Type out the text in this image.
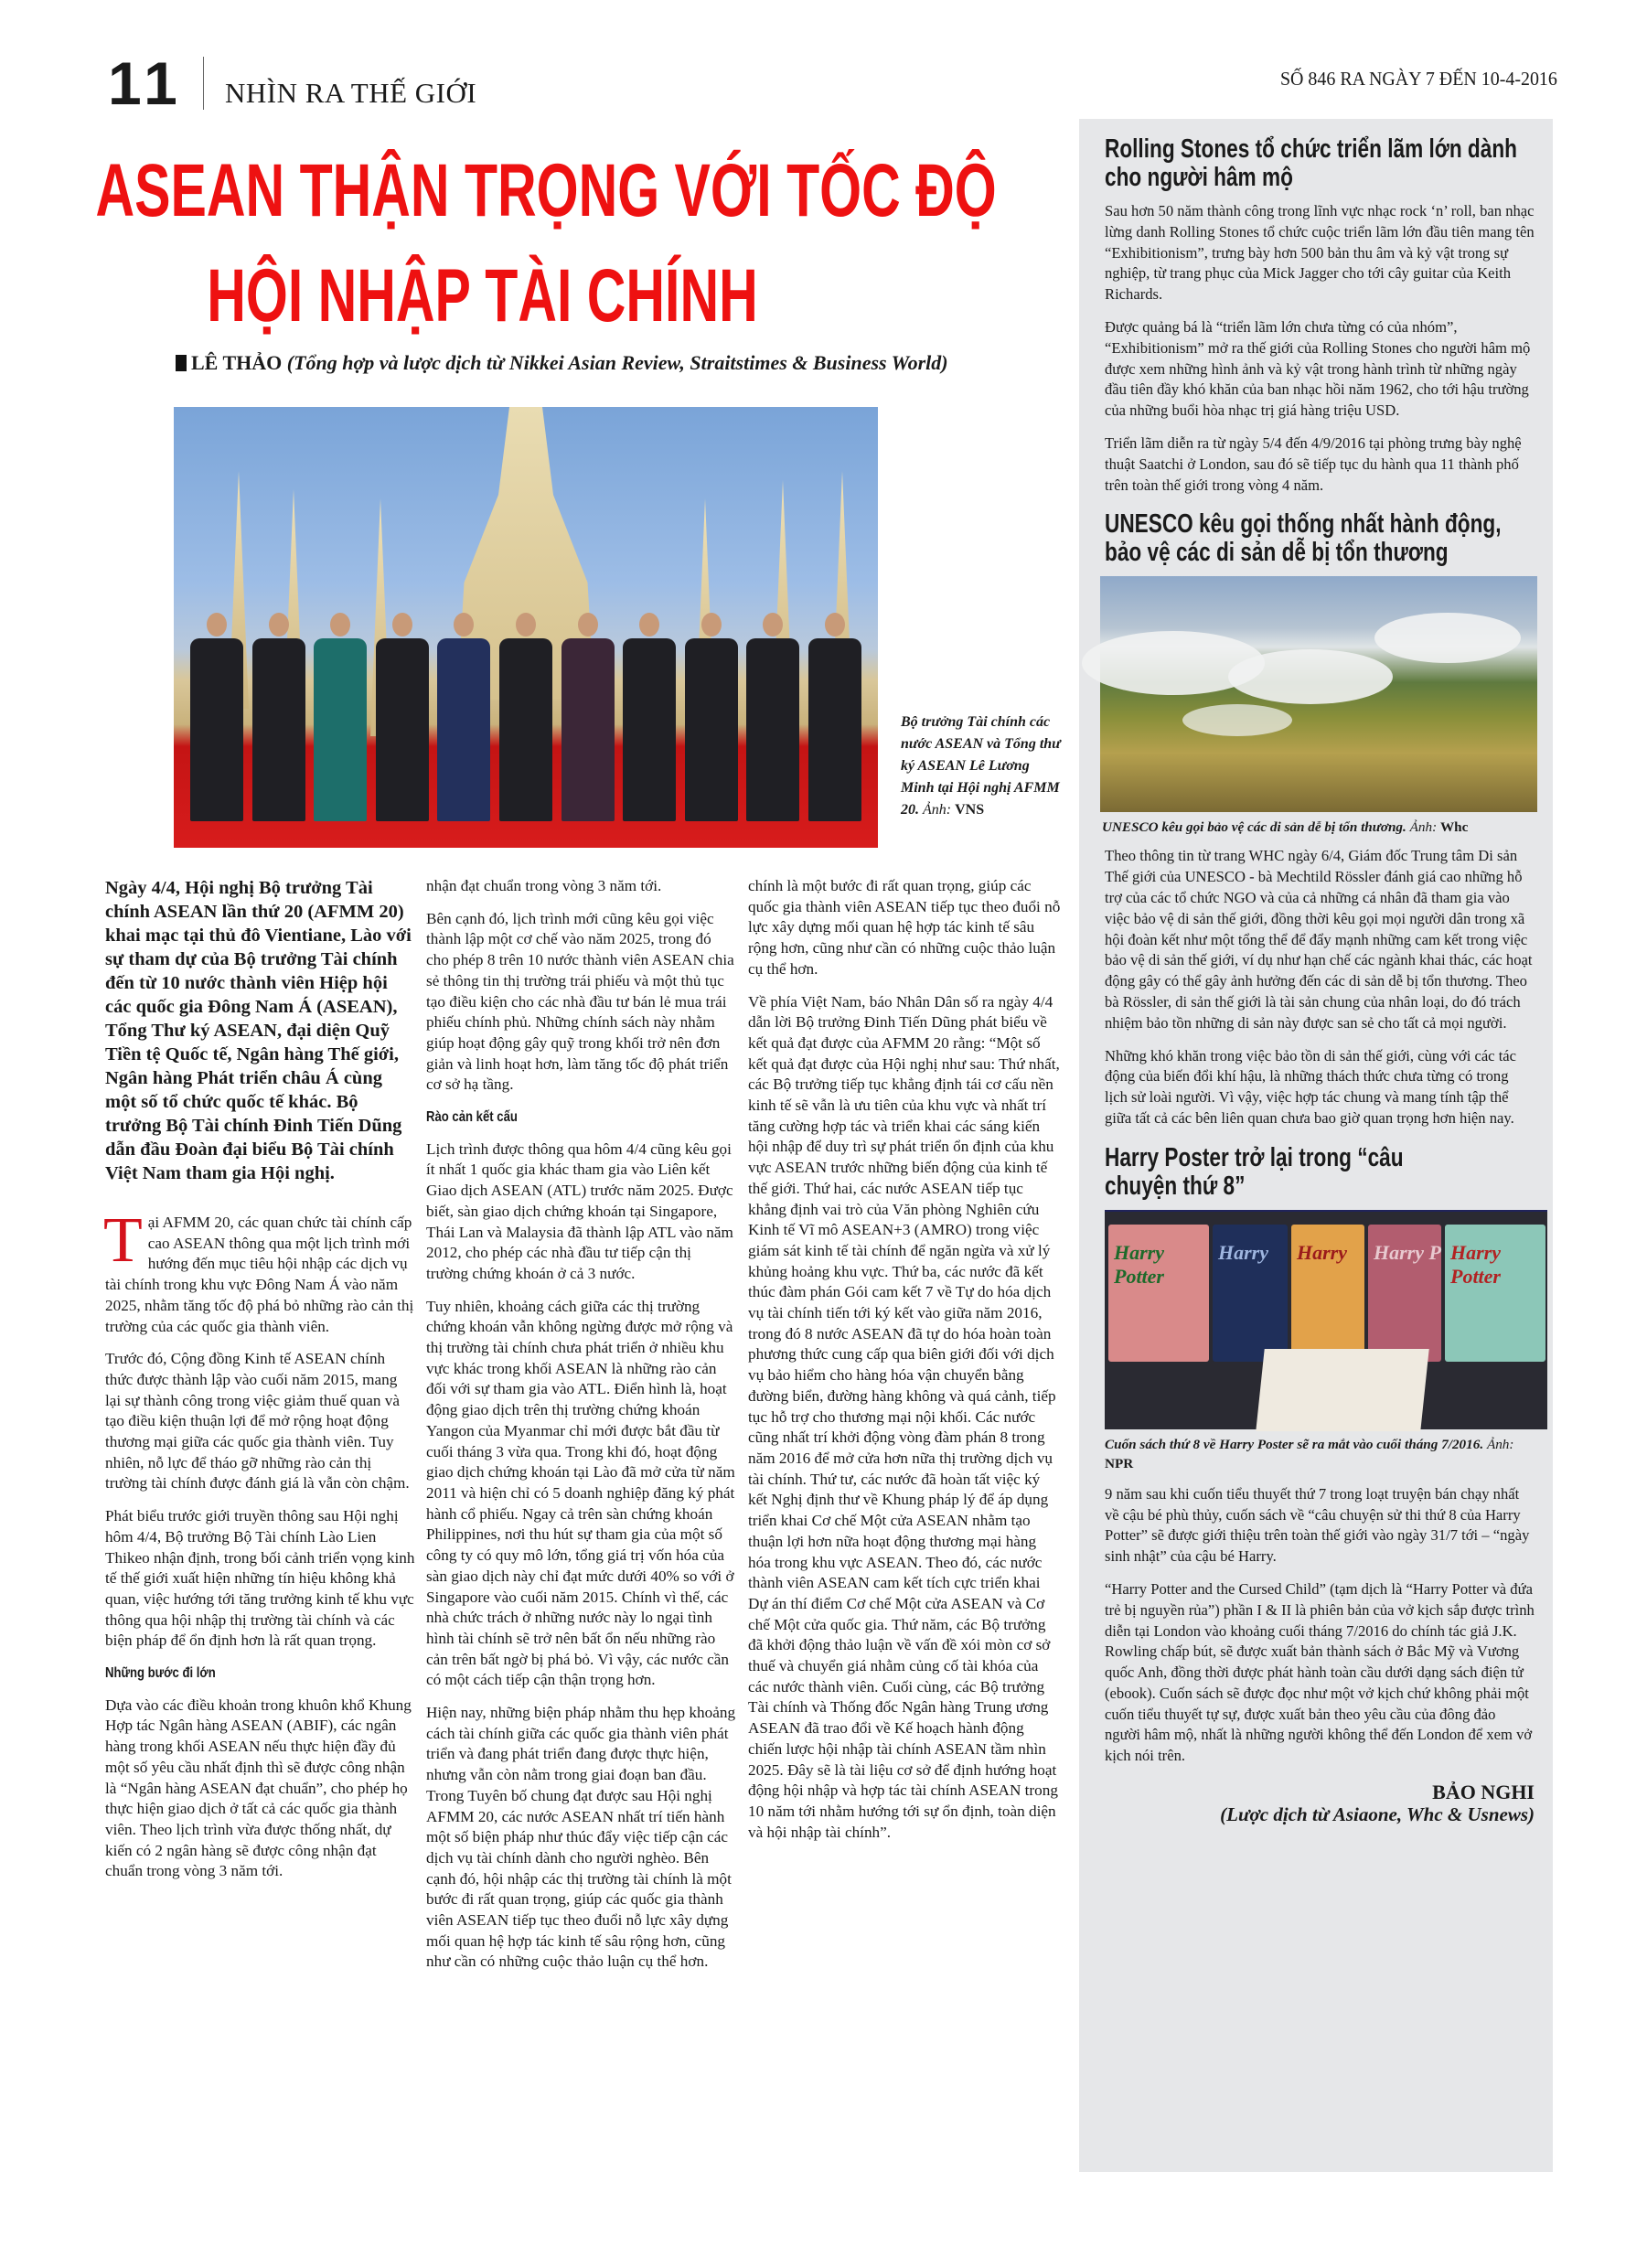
11 NHÌN RA THẾ GIỚI	SỐ 846 RA NGÀY 7 ĐẾN 10-4-2016
ASEAN THẬN TRỌNG VỚI TỐC ĐỘ
HỘI NHẬP TÀI CHÍNH
LÊ THẢO (Tổng hợp và lược dịch từ Nikkei Asian Review, Straitstimes & Business World)
Bộ trưởng Tài chính các nước ASEAN và Tổng thư ký ASEAN Lê Lương Minh tại Hội nghị AFMM 20. Ảnh: VNS

Ngày 4/4, Hội nghị Bộ trưởng Tài chính ASEAN lần thứ 20 (AFMM 20) khai mạc tại thủ đô Vientiane, Lào với sự tham dự của Bộ trưởng Tài chính đến từ 10 nước thành viên Hiệp hội các quốc gia Đông Nam Á (ASEAN), Tổng Thư ký ASEAN, đại diện Quỹ Tiền tệ Quốc tế, Ngân hàng Thế giới, Ngân hàng Phát triển châu Á cùng một số tổ chức quốc tế khác. Bộ trưởng Bộ Tài chính Đinh Tiến Dũng dẫn đầu Đoàn đại biểu Bộ Tài chính Việt Nam tham gia Hội nghị.

Tại AFMM 20, các quan chức tài chính cấp cao ASEAN thông qua một lịch trình mới hướng đến mục tiêu hội nhập các dịch vụ tài chính trong khu vực Đông Nam Á vào năm 2025, nhằm tăng tốc độ phá bỏ những rào cản thị trường của các quốc gia thành viên.

Trước đó, Cộng đồng Kinh tế ASEAN chính thức được thành lập vào cuối năm 2015, mang lại sự thành công trong việc giảm thuế quan và tạo điều kiện thuận lợi để mở rộng hoạt động thương mại giữa các quốc gia thành viên. Tuy nhiên, nỗ lực để tháo gỡ những rào cản thị trường tài chính được đánh giá là vẫn còn chậm.

Phát biểu trước giới truyền thông sau Hội nghị hôm 4/4, Bộ trưởng Bộ Tài chính Lào Lien Thikeo nhận định, trong bối cảnh triển vọng kinh tế thế giới xuất hiện những tín hiệu không khả quan, việc hướng tới tăng trưởng kinh tế khu vực thông qua hội nhập thị trường tài chính và các biện pháp để ổn định hơn là rất quan trọng.

Những bước đi lớn

Dựa vào các điều khoản trong khuôn khổ Khung Hợp tác Ngân hàng ASEAN (ABIF), các ngân hàng trong khối ASEAN nếu thực hiện đầy đủ một số yêu cầu nhất định thì sẽ được công nhận là “Ngân hàng ASEAN đạt chuẩn”, cho phép họ thực hiện giao dịch ở tất cả các quốc gia thành viên. Theo lịch trình vừa được thống nhất, dự kiến có 2 ngân hàng sẽ được công nhận đạt chuẩn trong vòng 3 năm tới.

nhận đạt chuẩn trong vòng 3 năm tới.

Bên cạnh đó, lịch trình mới cũng kêu gọi việc thành lập một cơ chế vào năm 2025, trong đó cho phép 8 trên 10 nước thành viên ASEAN chia sẻ thông tin thị trường trái phiếu và một thủ tục tạo điều kiện cho các nhà đầu tư bán lẻ mua trái phiếu chính phủ. Những chính sách này nhằm giúp hoạt động gây quỹ trong khối trở nên đơn giản và linh hoạt hơn, làm tăng tốc độ phát triển cơ sở hạ tầng.

Rào cản kết cấu

Lịch trình được thông qua hôm 4/4 cũng kêu gọi ít nhất 1 quốc gia khác tham gia vào Liên kết Giao dịch ASEAN (ATL) trước năm 2025. Được biết, sàn giao dịch chứng khoán tại Singapore, Thái Lan và Malaysia đã thành lập ATL vào năm 2012, cho phép các nhà đầu tư tiếp cận thị trường chứng khoán ở cả 3 nước.

Tuy nhiên, khoảng cách giữa các thị trường chứng khoán vẫn không ngừng được mở rộng và thị trường tài chính chưa phát triển ở nhiều khu vực khác trong khối ASEAN là những rào cản đối với sự tham gia vào ATL. Điển hình là, hoạt động giao dịch trên thị trường chứng khoán Yangon của Myanmar chỉ mới được bắt đầu từ cuối tháng 3 vừa qua. Trong khi đó, hoạt động giao dịch chứng khoán tại Lào đã mở cửa từ năm 2011 và hiện chỉ có 5 doanh nghiệp đăng ký phát hành cổ phiếu. Ngay cả trên sàn chứng khoán Philippines, nơi thu hút sự tham gia của một số công ty có quy mô lớn, tổng giá trị vốn hóa của sàn giao dịch này chỉ đạt mức dưới 40% so với ở Singapore vào cuối năm 2015. Chính vì thế, các nhà chức trách ở những nước này lo ngại tình hình tài chính sẽ trở nên bất ổn nếu những rào cản trên bất ngờ bị phá bỏ. Vì vậy, các nước cần có một cách tiếp cận thận trọng hơn.

Hiện nay, những biện pháp nhằm thu hẹp khoảng cách tài chính giữa các quốc gia thành viên phát triển và đang phát triển đang được thực hiện, nhưng vẫn còn nằm trong giai đoạn ban đầu. Trong Tuyên bố chung đạt được sau Hội nghị AFMM 20, các nước ASEAN nhất trí tiến hành một số biện pháp như thúc đẩy việc tiếp cận các dịch vụ tài chính dành cho người nghèo. Bên cạnh đó, hội nhập các thị trường tài chính là một bước đi rất quan trọng, giúp các quốc gia thành viên ASEAN tiếp tục theo đuổi nỗ lực xây dựng mối quan hệ hợp tác kinh tế sâu rộng hơn, cũng như cần có những cuộc thảo luận cụ thể hơn.

chính là một bước đi rất quan trọng, giúp các quốc gia thành viên ASEAN tiếp tục theo đuổi nỗ lực xây dựng mối quan hệ hợp tác kinh tế sâu rộng hơn, cũng như cần có những cuộc thảo luận cụ thể hơn.

Về phía Việt Nam, báo Nhân Dân số ra ngày 4/4 dẫn lời Bộ trưởng Đinh Tiến Dũng phát biểu về kết quả đạt được của AFMM 20 rằng: “Một số kết quả đạt được của Hội nghị như sau: Thứ nhất, các Bộ trưởng tiếp tục khẳng định tái cơ cấu nền kinh tế sẽ vẫn là ưu tiên của khu vực và nhất trí tăng cường hợp tác và triển khai các sáng kiến hội nhập để duy trì sự phát triển ổn định của khu vực ASEAN trước những biến động của kinh tế thế giới. Thứ hai, các nước ASEAN tiếp tục khẳng định vai trò của Văn phòng Nghiên cứu Kinh tế Vĩ mô ASEAN+3 (AMRO) trong việc giám sát kinh tế tài chính để ngăn ngừa và xử lý khủng hoảng khu vực. Thứ ba, các nước đã kết thúc đàm phán Gói cam kết 7 về Tự do hóa dịch vụ tài chính tiến tới ký kết vào giữa năm 2016, trong đó 8 nước ASEAN đã tự do hóa hoàn toàn phương thức cung cấp qua biên giới đối với dịch vụ bảo hiểm cho hàng hóa vận chuyển bằng đường biển, đường hàng không và quá cảnh, tiếp tục hỗ trợ cho thương mại nội khối. Các nước cũng nhất trí khởi động vòng đàm phán 8 trong năm 2016 để mở cửa hơn nữa thị trường dịch vụ tài chính. Thứ tư, các nước đã hoàn tất việc ký kết Nghị định thư về Khung pháp lý để áp dụng triển khai Cơ chế Một cửa ASEAN nhằm tạo thuận lợi hơn nữa hoạt động thương mại hàng hóa trong khu vực ASEAN. Theo đó, các nước thành viên ASEAN cam kết tích cực triển khai Dự án thí điểm Cơ chế Một cửa ASEAN và Cơ chế Một cửa quốc gia. Thứ năm, các Bộ trưởng đã khởi động thảo luận về vấn đề xói mòn cơ sở thuế và chuyển giá nhằm củng cố tài khóa của các nước thành viên. Cuối cùng, các Bộ trưởng Tài chính và Thống đốc Ngân hàng Trung ương ASEAN đã trao đổi về Kế hoạch hành động chiến lược hội nhập tài chính ASEAN tầm nhìn 2025. Đây sẽ là tài liệu cơ sở để định hướng hoạt động hội nhập và hợp tác tài chính ASEAN trong 10 năm tới nhằm hướng tới sự ổn định, toàn diện và hội nhập tài chính”.

Rolling Stones tổ chức triển lãm lớn dành cho người hâm mộ

Sau hơn 50 năm thành công trong lĩnh vực nhạc rock ‘n’ roll, ban nhạc lừng danh Rolling Stones tổ chức cuộc triển lãm lớn đầu tiên mang tên “Exhibitionism”, trưng bày hơn 500 bản thu âm và kỷ vật trong sự nghiệp, từ trang phục của Mick Jagger cho tới cây guitar của Keith Richards.

Được quảng bá là “triển lãm lớn chưa từng có của nhóm”, “Exhibitionism” mở ra thế giới của Rolling Stones cho người hâm mộ được xem những hình ảnh và kỷ vật trong hành trình từ những ngày đầu tiên đầy khó khăn của ban nhạc hồi năm 1962, cho tới hậu trường của những buổi hòa nhạc trị giá hàng triệu USD.

Triển lãm diễn ra từ ngày 5/4 đến 4/9/2016 tại phòng trưng bày nghệ thuật Saatchi ở London, sau đó sẽ tiếp tục du hành qua 11 thành phố trên toàn thế giới trong vòng 4 năm.

UNESCO kêu gọi thống nhất hành động, bảo vệ các di sản dễ bị tổn thương
UNESCO kêu gọi bảo vệ các di sản dễ bị tổn thương. Ảnh: Whc

Theo thông tin từ trang WHC ngày 6/4, Giám đốc Trung tâm Di sản Thế giới của UNESCO - bà Mechtild Rössler đánh giá cao những hỗ trợ của các tổ chức NGO và của cả những cá nhân đã tham gia vào việc bảo vệ di sản thế giới, đồng thời kêu gọi mọi người dân trong xã hội đoàn kết như một tổng thể để đẩy mạnh những cam kết trong việc bảo vệ di sản thế giới, ví dụ như hạn chế các ngành khai thác, các hoạt động gây có thể gây ảnh hưởng đến các di sản dễ bị tổn thương. Theo bà Rössler, di sản thế giới là tài sản chung của nhân loại, do đó trách nhiệm bảo tồn những di sản này được san sẻ cho tất cả mọi người.

Những khó khăn trong việc bảo tồn di sản thế giới, cùng với các tác động của biến đổi khí hậu, là những thách thức chưa từng có trong lịch sử loài người. Vì vậy, việc hợp tác chung và mang tính tập thể giữa tất cả các bên liên quan chưa bao giờ quan trọng hơn hiện nay.

Harry Poster trở lại trong “câu chuyện thứ 8”
Harry Potter
Harry Harry Harry P Harry Potter
Cuốn sách thứ 8 về Harry Poster sẽ ra mắt vào cuối tháng 7/2016. Ảnh: NPR

9 năm sau khi cuốn tiểu thuyết thứ 7 trong loạt truyện bán chạy nhất về cậu bé phù thủy, cuốn sách về “câu chuyện sử thi thứ 8 của Harry Potter” sẽ được giới thiệu trên toàn thế giới vào ngày 31/7 tới – “ngày sinh nhật” của cậu bé Harry.

“Harry Potter and the Cursed Child” (tạm dịch là “Harry Potter và đứa trẻ bị nguyền rủa”) phần I & II là phiên bản của vở kịch sắp được trình diễn tại London vào khoảng cuối tháng 7/2016 do chính tác giả J.K. Rowling chấp bút, sẽ được xuất bản thành sách ở Bắc Mỹ và Vương quốc Anh, đồng thời được phát hành toàn cầu dưới dạng sách điện tử (ebook). Cuốn sách sẽ được đọc như một vở kịch chứ không phải một cuốn tiểu thuyết tự sự, được xuất bản theo yêu cầu của đông đảo người hâm mộ, nhất là những người không thể đến London để xem vở kịch nói trên.

BẢO NGHI
(Lược dịch từ Asiaone, Whc & Usnews)
